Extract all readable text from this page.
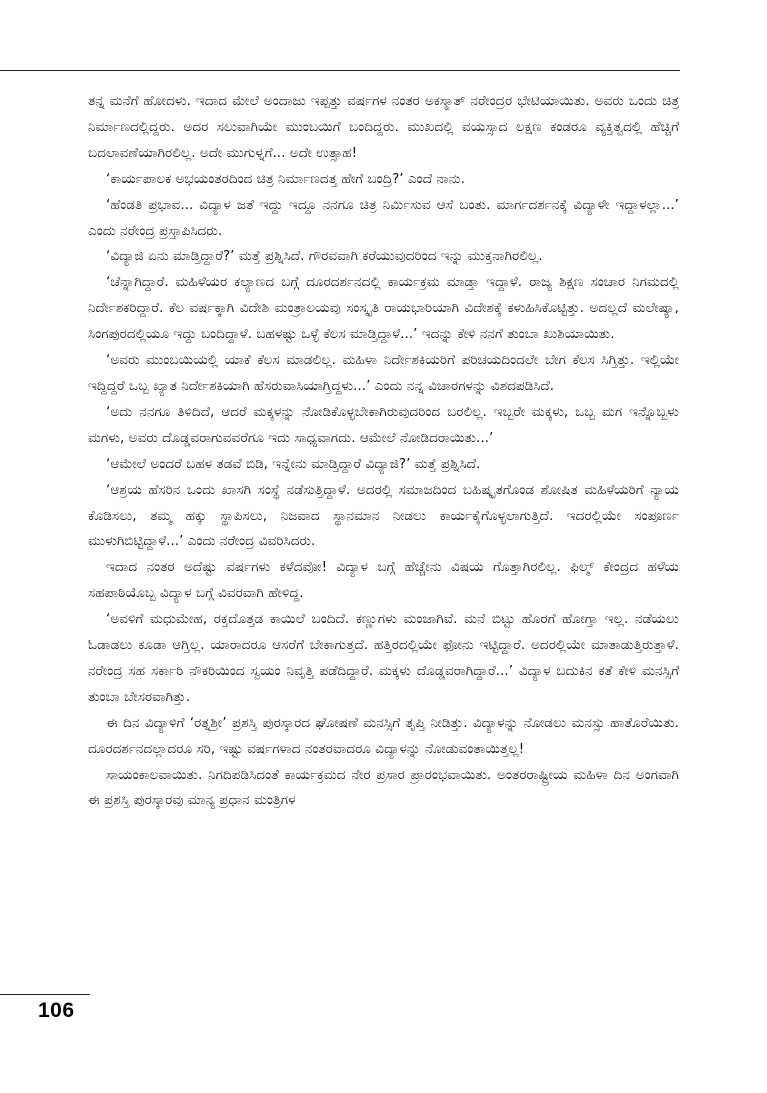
ತನ್ನ ಮನೆಗೆ ಹೋದಳು. ಇದಾದ ಮೇಲೆ ಅಂದಾಜು ಇಪ್ಪತ್ತು ವರ್ಷಗಳ ನಂತರ ಅಕಸ್ಮಾತ್ ನರೇಂದ್ರರ ಭೇಟಿಯಾಯಿತು. ಅವರು ಒಂದು ಚಿತ್ರ ನಿರ್ಮಾಣದಲ್ಲಿದ್ದರು. ಅದರ ಸಲುವಾಗಿಯೇ ಮುಂಬಯಿಗೆ ಬಂದಿದ್ದರು. ಮುಖದಲ್ಲಿ ವಯಸ್ಸಾದ ಲಕ್ಷಣ ಕಂಡರೂ ವ್ಯಕ್ತಿತ್ವದಲ್ಲಿ ಹೆಚ್ಚಿಗೆ ಬದಲಾವಣೆಯಾಗಿರಲಿಲ್ಲ. ಅದೇ ಮುಗುಳ್ನಗೆ... ಅದೇ ಉತ್ಸಾಹ!

‘ಕಾರ್ಯಪಾಲಕ ಅಭಯಂತರದಿಂದ ಚಿತ್ರ ನಿರ್ಮಾಣದತ್ತ ಹೇಗೆ ಬಂದ್ರಿ?’ ಎಂದೆ ನಾನು.

‘ಹೆಂಡತಿ ಪ್ರಭಾವ... ವಿದ್ಯಾಳ ಜತೆ ಇದ್ದು ಇದ್ದೂ ನನಗೂ ಚಿತ್ರ ನಿರ್ಮಿಸುವ ಆಸೆ ಬಂತು. ಮಾರ್ಗದರ್ಶನಕ್ಕೆ ವಿದ್ಯಾಳೇ ಇದ್ದಾಳಲ್ಲಾ...’ ಎಂದು ನರೇಂದ್ರ ಪ್ರಸ್ತಾಪಿಸಿದರು.

‘ವಿದ್ಯಾಜಿ ಏನು ಮಾಡ್ತಿದ್ದಾರೆ?’ ಮತ್ತೆ ಪ್ರಶ್ನಿಸಿದೆ. ಗೌರವವಾಗಿ ಕರೆಯುವುದರಿಂದ ಇನ್ನು ಮುಕ್ತನಾಗಿರಲಿಲ್ಲ.

‘ಚೆನ್ನಾಗಿದ್ದಾರೆ. ಮಹಿಳೆಯರ ಕಲ್ಯಾಣದ ಬಗ್ಗೆ ದೂರದರ್ಶನದಲ್ಲಿ ಕಾರ್ಯಕ್ರಮ ಮಾಡ್ತಾ ಇದ್ದಾಳೆ. ರಾಜ್ಯ ಶಿಕ್ಷಣ ಸಂಚಾರ ನಿಗಮದಲ್ಲಿ ನಿರ್ದೇಶಕರಿದ್ದಾರೆ. ಕೆಲ ವರ್ಷಕ್ಕಾಗಿ ವಿದೇಶಿ ಮಂತ್ರಾಲಯವು ಸಂಸ್ಕೃತಿ ರಾಯಭಾರಿಯಾಗಿ ವಿದೇಶಕ್ಕೆ ಕಳುಹಿಸಿಕೊಟ್ಟಿತ್ತು. ಅದಲ್ಲದೆ ಮಲೇಷ್ಯಾ, ಸಿಂಗಪುರದಲ್ಲಿಯೂ ಇದ್ದು ಬಂದಿದ್ದಾಳೆ. ಬಹಳಷ್ಟು ಒಳ್ಳೆ ಕೆಲಸ ಮಾಡ್ತಿದ್ದಾಳೆ...’ ಇದನ್ನು ಕೇಳಿ ನನಗೆ ತುಂಬಾ ಖುಶಿಯಾಯಿತು.

‘ಅವರು ಮುಂಬಯಿಯಲ್ಲಿ ಯಾಕೆ ಕೆಲಸ ಮಾಡಲಿಲ್ಲ. ಮಹಿಳಾ ನಿರ್ದೇಶಕಿಯರಿಗೆ ಪರಿಚಯದಿಂದಲೇ ಬೇಗ ಕೆಲಸ ಸಿಗ್ತಿತ್ತು. ಇಲ್ಲಿಯೇ ಇದ್ದಿದ್ದರೆ ಒಬ್ಬ ಖ್ಯಾತ ನಿರ್ದೇಶಕಿಯಾಗಿ ಹೆಸರುವಾಸಿಯಾಗ್ತಿದ್ದಳು...’ ಎಂದು ನನ್ನ ವಿಚಾರಗಳನ್ನು ವಿಶದಪಡಿಸಿದೆ.

‘ಅದು ನನಗೂ ತಿಳಿದಿದೆ, ಆದರೆ ಮಕ್ಕಳನ್ನು ನೋಡಿಕೊಳ್ಳಬೇಕಾಗಿರುವುದರಿಂದ ಬರಲಿಲ್ಲ. ಇಬ್ಬರೇ ಮಕ್ಕಳು, ಒಬ್ಬ ಮಗ ಇನ್ನೊಬ್ಬಳು ಮಗಳು, ಅವರು ದೊಡ್ಡವರಾಗುವವರೆಗೂ ಇದು ಸಾಧ್ಯವಾಗದು. ಆಮೇಲೆ ನೋಡಿದರಾಯಿತು...’

‘ಆಮೇಲೆ ಅಂದರೆ ಬಹಳ ತಡವೆ ಬಿಡಿ, ಇನ್ನೇನು ಮಾಡ್ತಿದ್ದಾರೆ ವಿದ್ಯಾಜಿ?’ ಮತ್ತೆ ಪ್ರಶ್ನಿಸಿದೆ.

‘ಆಶ್ರಯ ಹೆಸರಿನ ಒಂದು ಖಾಸಗಿ ಸಂಸ್ಥೆ ನಡೆಸುತ್ತಿದ್ದಾಳೆ. ಅದರಲ್ಲಿ ಸಮಾಜದಿಂದ ಬಹಿಷ್ಕೃತಗೊಂಡ ಶೋಷಿತ ಮಹಿಳೆಯರಿಗೆ ನ್ಯಾಯ ಕೊಡಿಸಲು, ತಮ್ಮ ಹಕ್ಕು ಸ್ಥಾಪಿಸಲು, ನಿಜವಾದ ಸ್ಥಾನಮಾನ ನೀಡಲು ಕಾರ್ಯಕೈಗೊಳ್ಳಲಾಗುತ್ತಿದೆ. ಇದರಲ್ಲಿಯೇ ಸಂಪೂರ್ಣ ಮುಳುಗಿಬಿಟ್ಟಿದ್ದಾಳೆ...’ ಎಂದು ನರೇಂದ್ರ ವಿವರಿಸಿದರು.

ಇದಾದ ನಂತರ ಅದೆಷ್ಟು ವರ್ಷಗಳು ಕಳೆದವೋ! ವಿದ್ಯಾಳ ಬಗ್ಗೆ ಹೆಚ್ಚೇನು ವಿಷಯ ಗೊತ್ತಾಗಿರಲಿಲ್ಲ. ಫಿಲ್ಮ್ ಕೇಂದ್ರದ ಹಳೆಯ ಸಹಪಾಠಿಯೊಬ್ಬ ವಿದ್ಯಾಳ ಬಗ್ಗೆ ವಿವರವಾಗಿ ಹೇಳಿದ್ದ.

‘ಅವಳಿಗೆ ಮಧುಮೇಹ, ರಕ್ತದೊತ್ತಡ ಕಾಯಿಲೆ ಬಂದಿದೆ. ಕಣ್ಣುಗಳು ಮಂಜಾಗಿವೆ. ಮನೆ ಬಿಟ್ಟು ಹೊರಗೆ ಹೋಗ್ತಾ ಇಲ್ಲ. ನಡೆಯಲು ಓಡಾಡಲು ಕೂಡಾ ಆಗ್ತಿಲ್ಲ. ಯಾರಾದರೂ ಆಸರೆಗೆ ಬೇಕಾಗುತ್ತದೆ. ಹತ್ತಿರದಲ್ಲಿಯೇ ಫೋನು ಇಟ್ಟಿದ್ದಾರೆ. ಅದರಲ್ಲಿಯೇ ಮಾತಾಡುತ್ತಿರುತ್ತಾಳೆ. ನರೇಂದ್ರ ಸಹ ಸರ್ಕಾರಿ ನೌಕರಿಯಿಂದ ಸ್ವಯಂ ನಿವೃತ್ತಿ ಪಡೆದಿದ್ದಾರೆ. ಮಕ್ಕಳು ದೊಡ್ಡವರಾಗಿದ್ದಾರೆ...’ ವಿದ್ಯಾಳ ಬದುಕಿನ ಕತೆ ಕೇಳಿ ಮನಸ್ಸಿಗೆ ತುಂಬಾ ಬೇಸರವಾಗಿತ್ತು.

ಈ ದಿನ ವಿದ್ಯಾಳಿಗೆ ‘ರತ್ನಶ್ರೀ’ ಪ್ರಶಸ್ತಿ ಪುರಸ್ಕಾರದ ಘೋಷಣೆ ಮನಸ್ಸಿಗೆ ತೃಪ್ತಿ ನೀಡಿತ್ತು. ವಿದ್ಯಾಳನ್ನು ನೋಡಲು ಮನಸ್ಸು ಹಾತೊರೆಯಿತು. ದೂರದರ್ಶನದಲ್ಲಾದರೂ ಸರಿ, ಇಷ್ಟು ವರ್ಷಗಳಾದ ನಂತರವಾದರೂ ವಿದ್ಯಾಳನ್ನು ನೋಡುವಂತಾಯಿತ್ತಲ್ಲ!

ಸಾಯಂಕಾಲವಾಯಿತು. ನಿಗದಿಪಡಿಸಿದಂತೆ ಕಾರ್ಯಕ್ರಮದ ನೇರ ಪ್ರಸಾರ ಪ್ರಾರಂಭವಾಯಿತು. ಅಂತರರಾಷ್ಟ್ರೀಯ ಮಹಿಳಾ ದಿನ ಅಂಗವಾಗಿ ಈ ಪ್ರಶಸ್ತಿ ಪುರಸ್ಕಾರವು ಮಾನ್ಯ ಪ್ರಧಾನ ಮಂತ್ರಿಗಳ

106
